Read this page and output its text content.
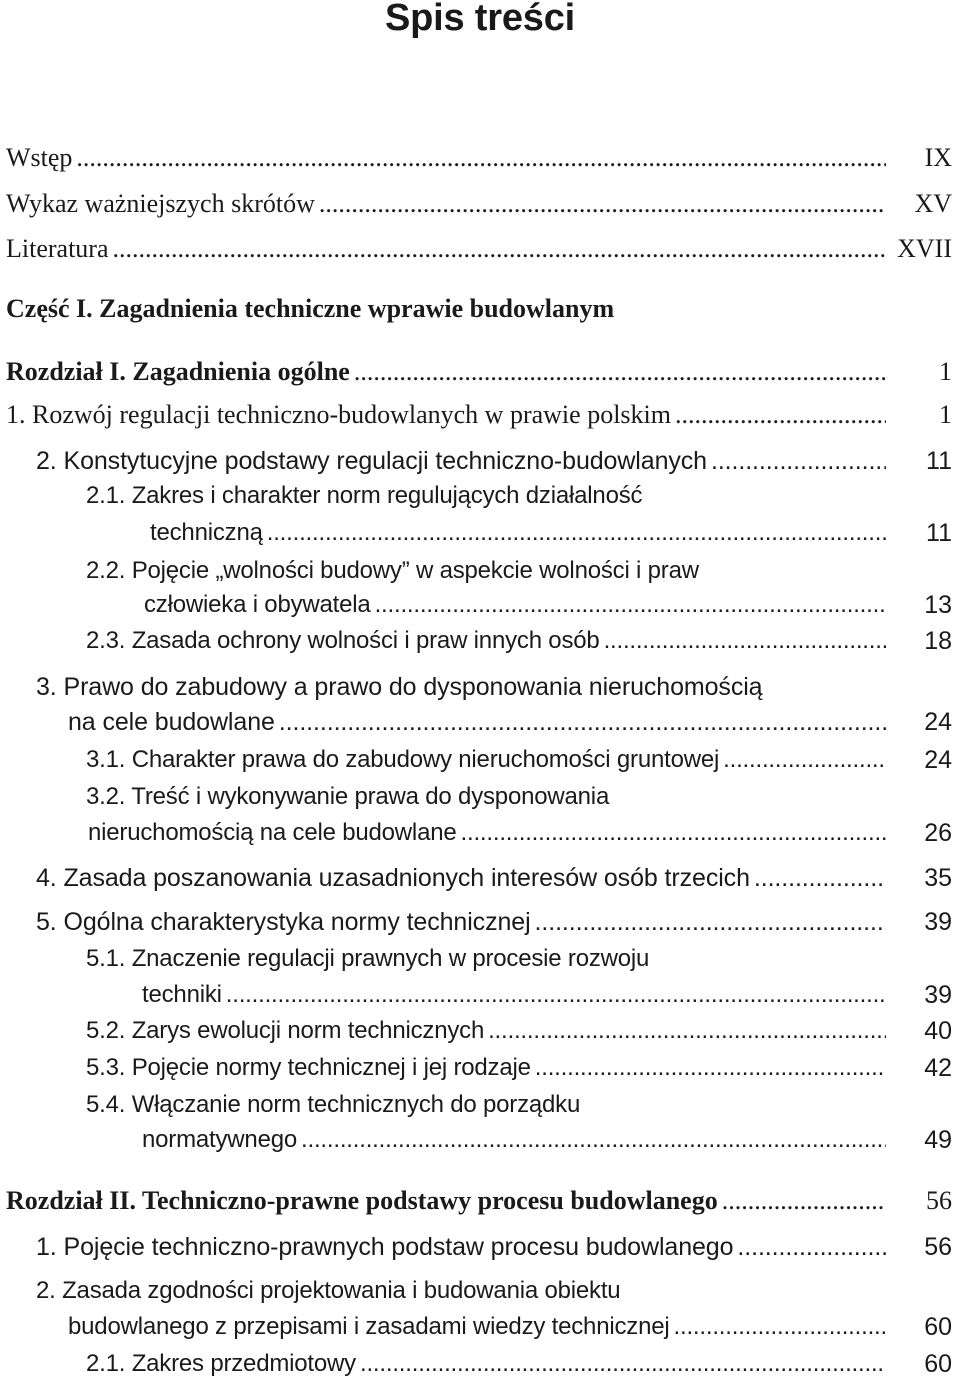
Spis treści
Wstęp .....	IX
Wykaz ważniejszych skrótów .....	XV
Literatura .....	XVII
Część I. Zagadnienia techniczne wprawie budowlanym
Rozdział I. Zagadnienia ogólne .....	1
1. Rozwój regulacji techniczno-budowlanych w prawie polskim .....	1
2. Konstytucyjne podstawy regulacji techniczno-budowlanych .....	11
2.1. Zakres i charakter norm regulujących działalność
techniczną .....	11
2.2. Pojęcie „wolności budowy” w aspekcie wolności i praw
człowieka i obywatela .....	13
2.3. Zasada ochrony wolności i praw innych osób .....	18
3. Prawo do zabudowy a prawo do dysponowania nieruchomością
na cele budowlane .....	24
3.1. Charakter prawa do zabudowy nieruchomości gruntowej .....	24
3.2. Treść i wykonywanie prawa do dysponowania
nieruchomością na cele budowlane .....	26
4. Zasada poszanowania uzasadnionych interesów osób trzecich .....	35
5. Ogólna charakterystyka normy technicznej .....	39
5.1. Znaczenie regulacji prawnych w procesie rozwoju
techniki .....	39
5.2. Zarys ewolucji norm technicznych .....	40
5.3. Pojęcie normy technicznej i jej rodzaje .....	42
5.4. Włączanie norm technicznych do porządku
normatywnego .....	49
Rozdział II. Techniczno-prawne podstawy procesu budowlanego .....	56
1. Pojęcie techniczno-prawnych podstaw procesu budowlanego .....	56
2. Zasada zgodności projektowania i budowania obiektu
budowlanego z przepisami i zasadami wiedzy technicznej .....	60
2.1. Zakres przedmiotowy .....	60
